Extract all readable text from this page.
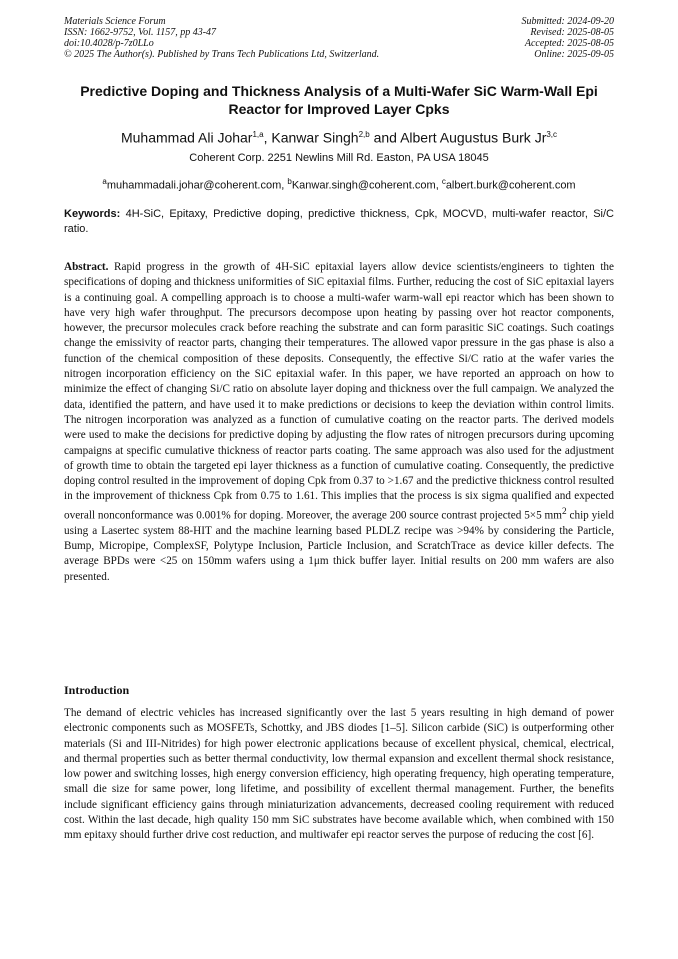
Materials Science Forum
ISSN: 1662-9752, Vol. 1157, pp 43-47
doi:10.4028/p-7z0LLo
© 2025 The Author(s). Published by Trans Tech Publications Ltd, Switzerland.
Submitted: 2024-09-20
Revised: 2025-08-05
Accepted: 2025-08-05
Online: 2025-09-05
Predictive Doping and Thickness Analysis of a Multi-Wafer SiC Warm-Wall Epi Reactor for Improved Layer Cpks
Muhammad Ali Johar$^{1,a}$, Kanwar Singh$^{2,b}$ and Albert Augustus Burk Jr$^{3,c}$
Coherent Corp. 2251 Newlins Mill Rd. Easton, PA USA 18045
$^a$muhammadali.johar@coherent.com, $^b$Kanwar.singh@coherent.com, $^c$albert.burk@coherent.com
Keywords: 4H-SiC, Epitaxy, Predictive doping, predictive thickness, Cpk, MOCVD, multi-wafer reactor, Si/C ratio.
Abstract. Rapid progress in the growth of 4H-SiC epitaxial layers allow device scientists/engineers to tighten the specifications of doping and thickness uniformities of SiC epitaxial films. Further, reducing the cost of SiC epitaxial layers is a continuing goal. A compelling approach is to choose a multi-wafer warm-wall epi reactor which has been shown to have very high wafer throughput. The precursors decompose upon heating by passing over hot reactor components, however, the precursor molecules crack before reaching the substrate and can form parasitic SiC coatings. Such coatings change the emissivity of reactor parts, changing their temperatures. The allowed vapor pressure in the gas phase is also a function of the chemical composition of these deposits. Consequently, the effective Si/C ratio at the wafer varies the nitrogen incorporation efficiency on the SiC epitaxial wafer. In this paper, we have reported an approach on how to minimize the effect of changing Si/C ratio on absolute layer doping and thickness over the full campaign. We analyzed the data, identified the pattern, and have used it to make predictions or decisions to keep the deviation within control limits. The nitrogen incorporation was analyzed as a function of cumulative coating on the reactor parts. The derived models were used to make the decisions for predictive doping by adjusting the flow rates of nitrogen precursors during upcoming campaigns at specific cumulative thickness of reactor parts coating. The same approach was also used for the adjustment of growth time to obtain the targeted epi layer thickness as a function of cumulative coating. Consequently, the predictive doping control resulted in the improvement of doping Cpk from 0.37 to >1.67 and the predictive thickness control resulted in the improvement of thickness Cpk from 0.75 to 1.61. This implies that the process is six sigma qualified and expected overall nonconformance was 0.001% for doping. Moreover, the average 200 source contrast projected 5×5 $mm^2$ chip yield using a Lasertec system 88-HIT and the machine learning based PLDLZ recipe was >94% by considering the Particle, Bump, Micropipe, ComplexSF, Polytype Inclusion, Particle Inclusion, and ScratchTrace as device killer defects. The average BPDs were <25 on 150mm wafers using a 1μm thick buffer layer. Initial results on 200 mm wafers are also presented.
Introduction
The demand of electric vehicles has increased significantly over the last 5 years resulting in high demand of power electronic components such as MOSFETs, Schottky, and JBS diodes [1–5]. Silicon carbide (SiC) is outperforming other materials (Si and III-Nitrides) for high power electronic applications because of excellent physical, chemical, electrical, and thermal properties such as better thermal conductivity, low thermal expansion and excellent thermal shock resistance, low power and switching losses, high energy conversion efficiency, high operating frequency, high operating temperature, small die size for same power, long lifetime, and possibility of excellent thermal management. Further, the benefits include significant efficiency gains through miniaturization advancements, decreased cooling requirement with reduced cost. Within the last decade, high quality 150 mm SiC substrates have become available which, when combined with 150 mm epitaxy should further drive cost reduction, and multiwafer epi reactor serves the purpose of reducing the cost [6].
